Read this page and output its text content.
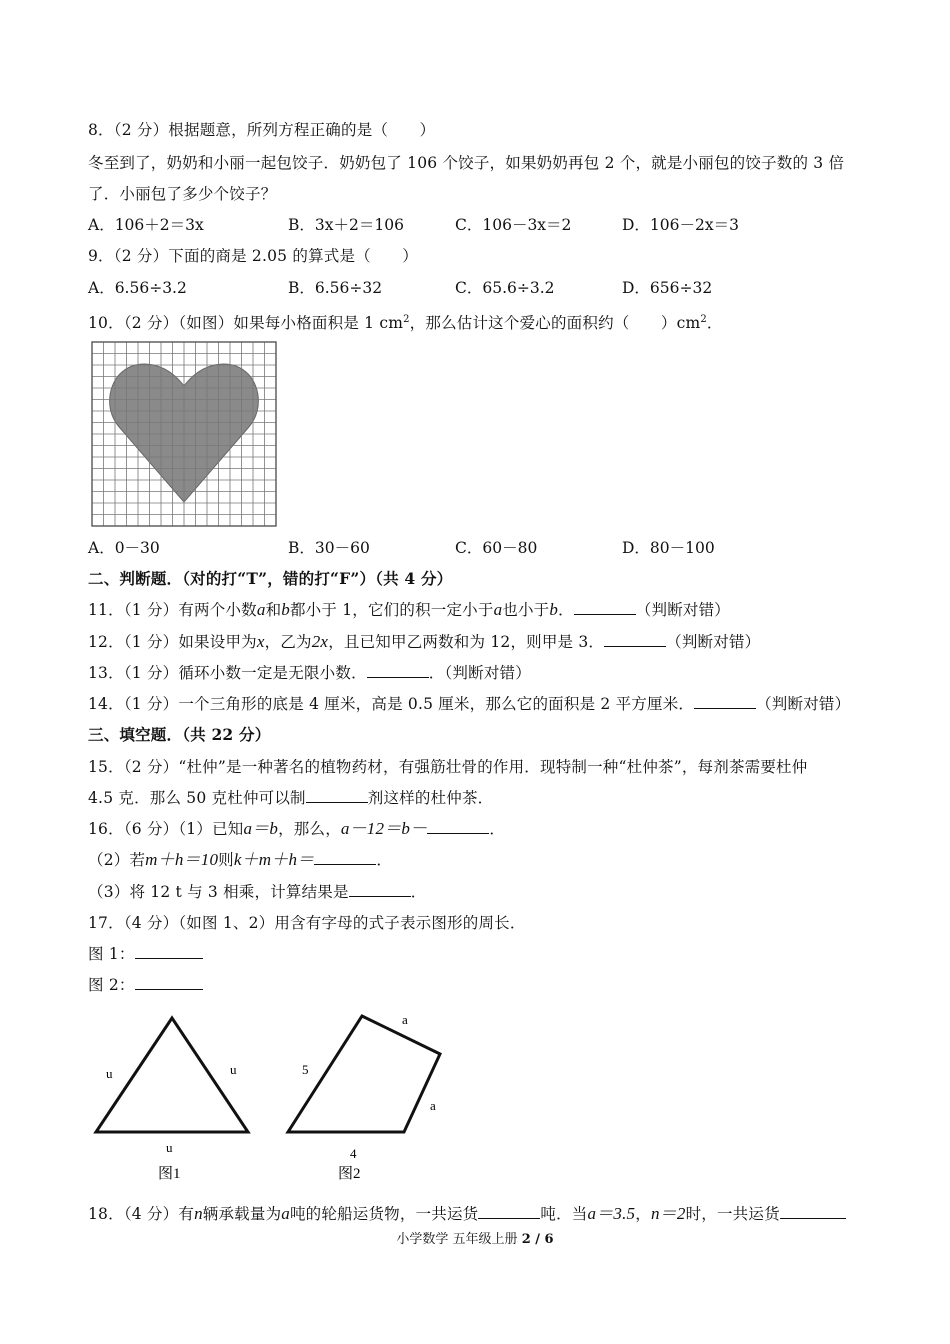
8．（2 分）根据题意，所列方程正确的是（　　）
冬至到了，奶奶和小丽一起包饺子．奶奶包了 106 个饺子，如果奶奶再包 2 个，就是小丽包的饺子数的 3 倍
了．小丽包了多少个饺子？
A．106＋2＝3x	B．3x＋2＝106	C．106－3x＝2	D．106－2x＝3
9．（2 分）下面的商是 2.05 的算式是（　　）
A．6.56÷3.2	B．6.56÷32	C．65.6÷3.2	D．656÷32
10．（2 分）（如图）如果每小格面积是 1 $cm^2$，那么估计这个爱心的面积约（　　）$cm^2$．
A．0－30	B．30－60	C．60－80	D．80－100
二、判断题．（对的打“T”，错的打“F”）（共 4 分）
11．（1 分）有两个小数a和b都小于 1，它们的积一定小于a也小于b．	（判断对错）
12．（1 分）如果设甲为x，乙为2x，且已知甲乙两数和为 12，则甲是 3．	（判断对错）
13．（1 分）循环小数一定是无限小数．	．（判断对错）
14．（1 分）一个三角形的底是 4 厘米，高是 0.5 厘米，那么它的面积是 2 平方厘米．	（判断对错）
三、填空题．（共 22 分）
15．（2 分）“杜仲”是一种著名的植物药材，有强筋壮骨的作用．现特制一种“杜仲茶”，每剂茶需要杜仲
4.5 克．那么 50 克杜仲可以制	剂这样的杜仲茶．
16．（6 分）（1）已知a＝b，那么，a－12＝b－	．
（2）若m＋h＝10则k＋m＋h＝	．
（3）将 12 t 与 3 相乘，计算结果是	．
17．（4 分）（如图 1、2）用含有字母的式子表示图形的周长．
图 1：
图 2：
u	u
u
图1
a
5
a
4
图2
18．（4 分）有n辆承载量为a吨的轮船运货物，一共运货	吨．当a＝3.5，n＝2时，一共运货
小学数学 五年级上册 2 / 6
